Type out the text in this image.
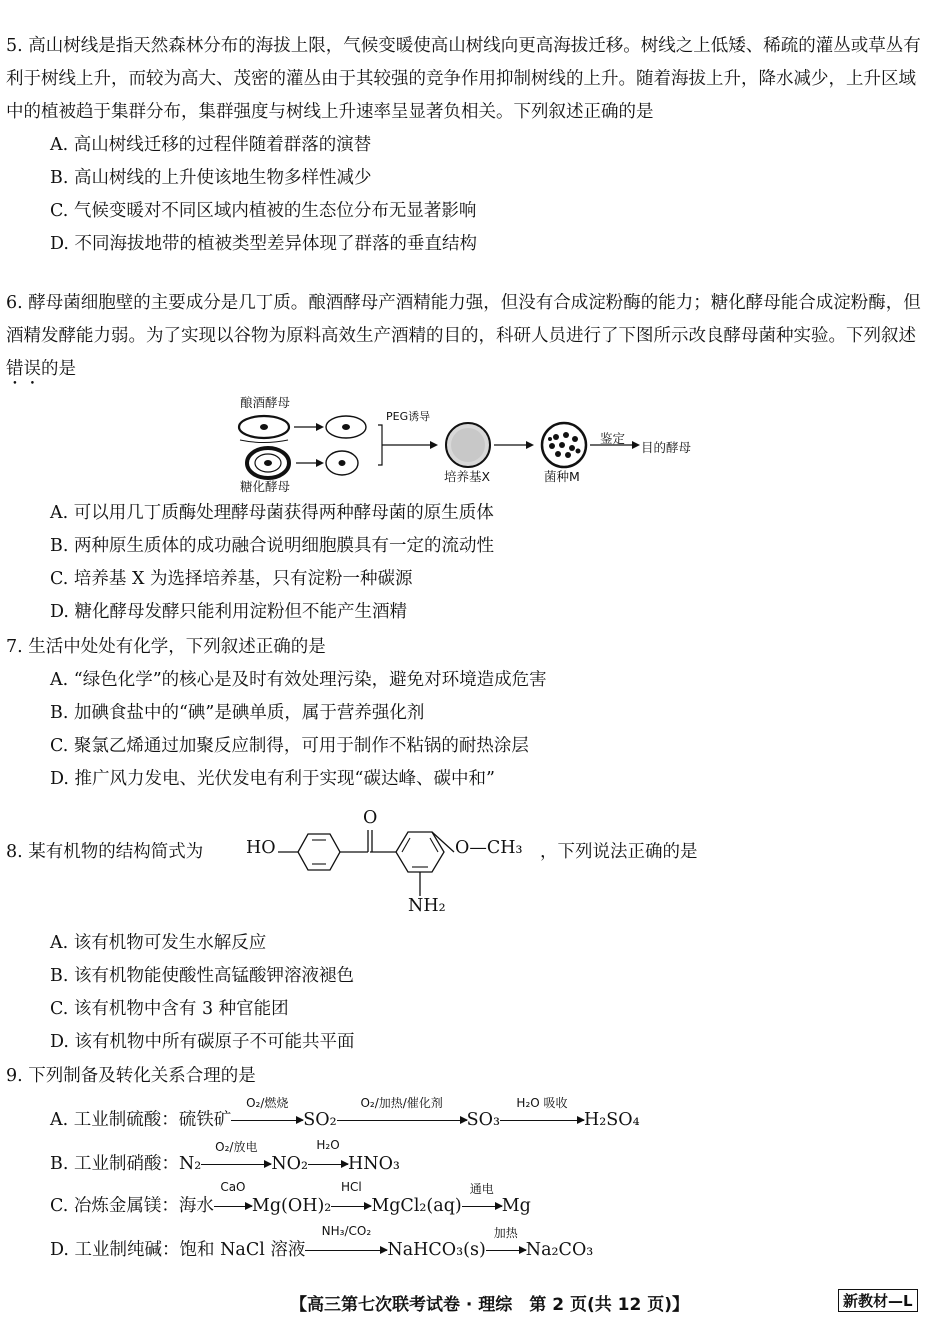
5. 高山树线是指天然森林分布的海拔上限，气候变暖使高山树线向更高海拔迁移。树线之上低矮、稀疏的灌丛或草丛有利于树线上升，而较为高大、茂密的灌丛由于其较强的竞争作用抑制树线的上升。随着海拔上升，降水减少，上升区域中的植被趋于集群分布，集群强度与树线上升速率呈显著负相关。下列叙述正确的是

A. 高山树线迁移的过程伴随着群落的演替

B. 高山树线的上升使该地生物多样性减少

C. 气候变暖对不同区域内植被的生态位分布无显著影响

D. 不同海拔地带的植被类型差异体现了群落的垂直结构

6. 酵母菌细胞壁的主要成分是几丁质。酿酒酵母产酒精能力强，但没有合成淀粉酶的能力；糖化酵母能合成淀粉酶，但酒精发酵能力弱。为了实现以谷物为原料高效生产酒精的目的，科研人员进行了下图所示改良酵母菌种实验。下列叙述错误的是

酿酒酵母
糖化酵母
PEG诱导
培养基X	菌种M
鉴定
目的酵母

A. 可以用几丁质酶处理酵母菌获得两种酵母菌的原生质体

B. 两种原生质体的成功融合说明细胞膜具有一定的流动性

C. 培养基 X 为选择培养基，只有淀粉一种碳源

D. 糖化酵母发酵只能利用淀粉但不能产生酒精

7. 生活中处处有化学，下列叙述正确的是

A. “绿色化学”的核心是及时有效处理污染，避免对环境造成危害

B. 加碘食盐中的“碘”是碘单质，属于营养强化剂

C. 聚氯乙烯通过加聚反应制得，可用于制作不粘锅的耐热涂层

D. 推广风力发电、光伏发电有利于实现“碳达峰、碳中和”

8. 某有机物的结构简式为 HO
O
O—CH₃
NH₂
，下列说法正确的是

A. 该有机物可发生水解反应

B. 该有机物能使酸性高锰酸钾溶液褪色

C. 该有机物中含有 3 种官能团

D. 该有机物中所有碳原子不可能共平面

9. 下列制备及转化关系合理的是

A. 工业制硫酸：硫铁矿
O₂/燃烧
SO₂
O₂/加热/催化剂
SO₃
H₂O 吸收
H₂SO₄
B. 工业制硝酸：N₂
O₂/放电
NO₂
H₂O
HNO₃
C. 冶炼金属镁：海水
CaO
Mg(OH)₂
HCl
MgCl₂(aq)
通电
Mg
D. 工业制纯碱：饱和 NaCl 溶液
NH₃/CO₂
NaHCO₃(s)
加热
Na₂CO₃
【高三第七次联考试卷 · 理综　第 2 页(共 12 页)】	新教材—L
